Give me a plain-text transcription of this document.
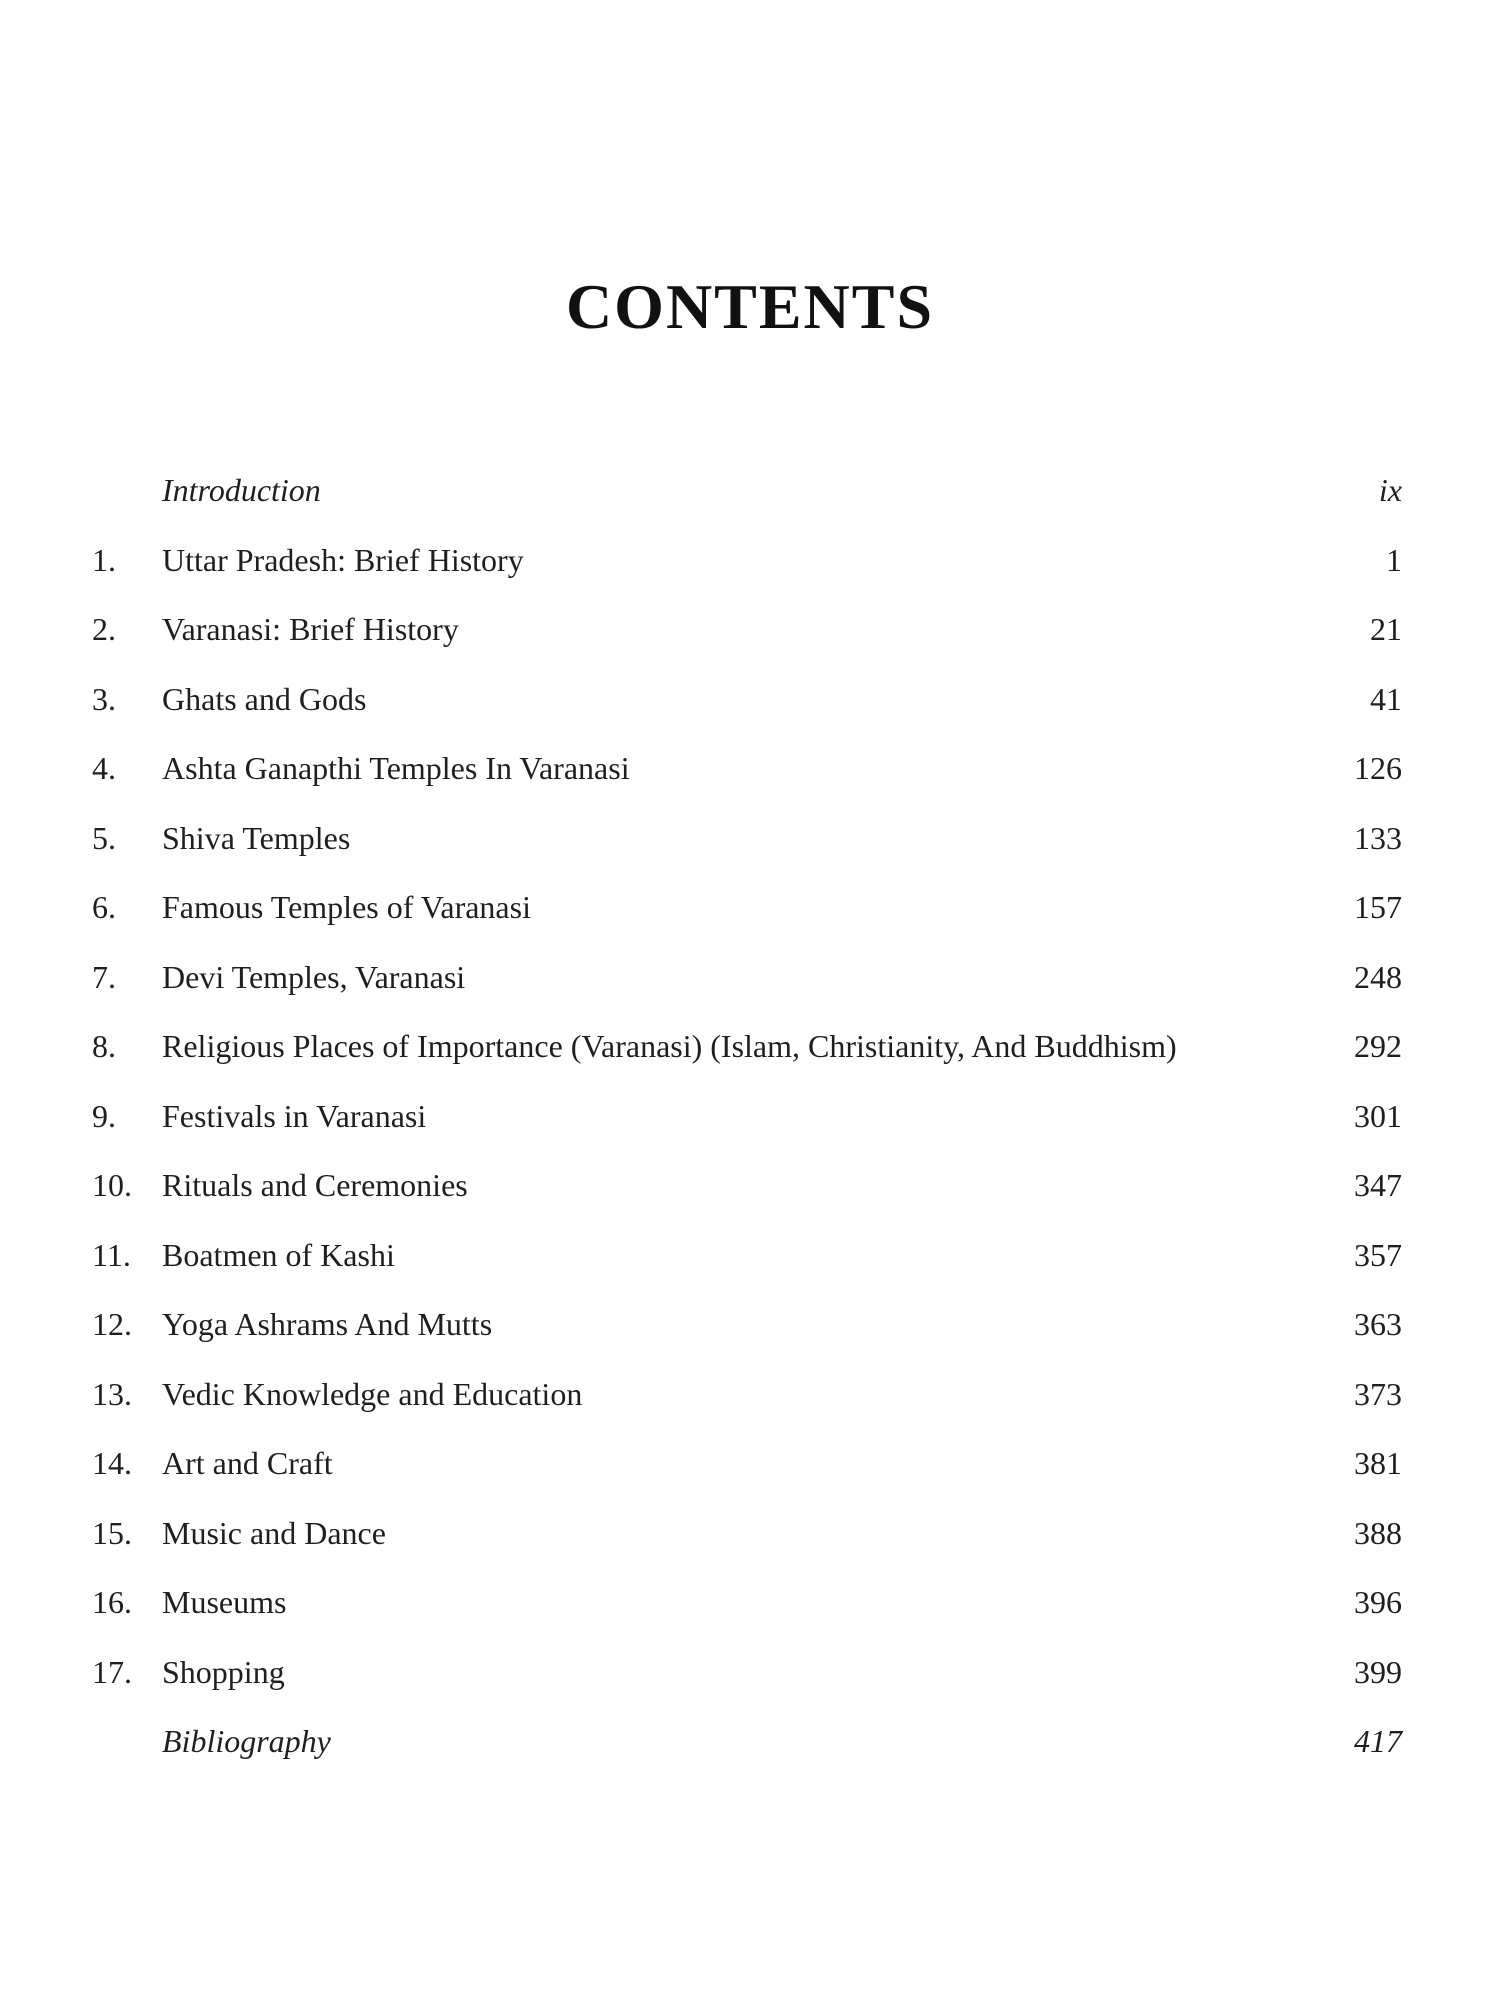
CONTENTS
Introduction	ix
1.	Uttar Pradesh: Brief History	1
2.	Varanasi: Brief History	21
3.	Ghats and Gods	41
4.	Ashta Ganapthi Temples In Varanasi	126
5.	Shiva Temples	133
6.	Famous Temples of Varanasi	157
7.	Devi Temples, Varanasi	248
8.	Religious Places of Importance (Varanasi) (Islam, Christianity, And Buddhism)	292
9.	Festivals in Varanasi	301
10. Rituals and Ceremonies	347
11. Boatmen of Kashi	357
12. Yoga Ashrams And Mutts	363
13. Vedic Knowledge and Education	373
14. Art and Craft	381
15. Music and Dance	388
16. Museums	396
17. Shopping	399
Bibliography	417
